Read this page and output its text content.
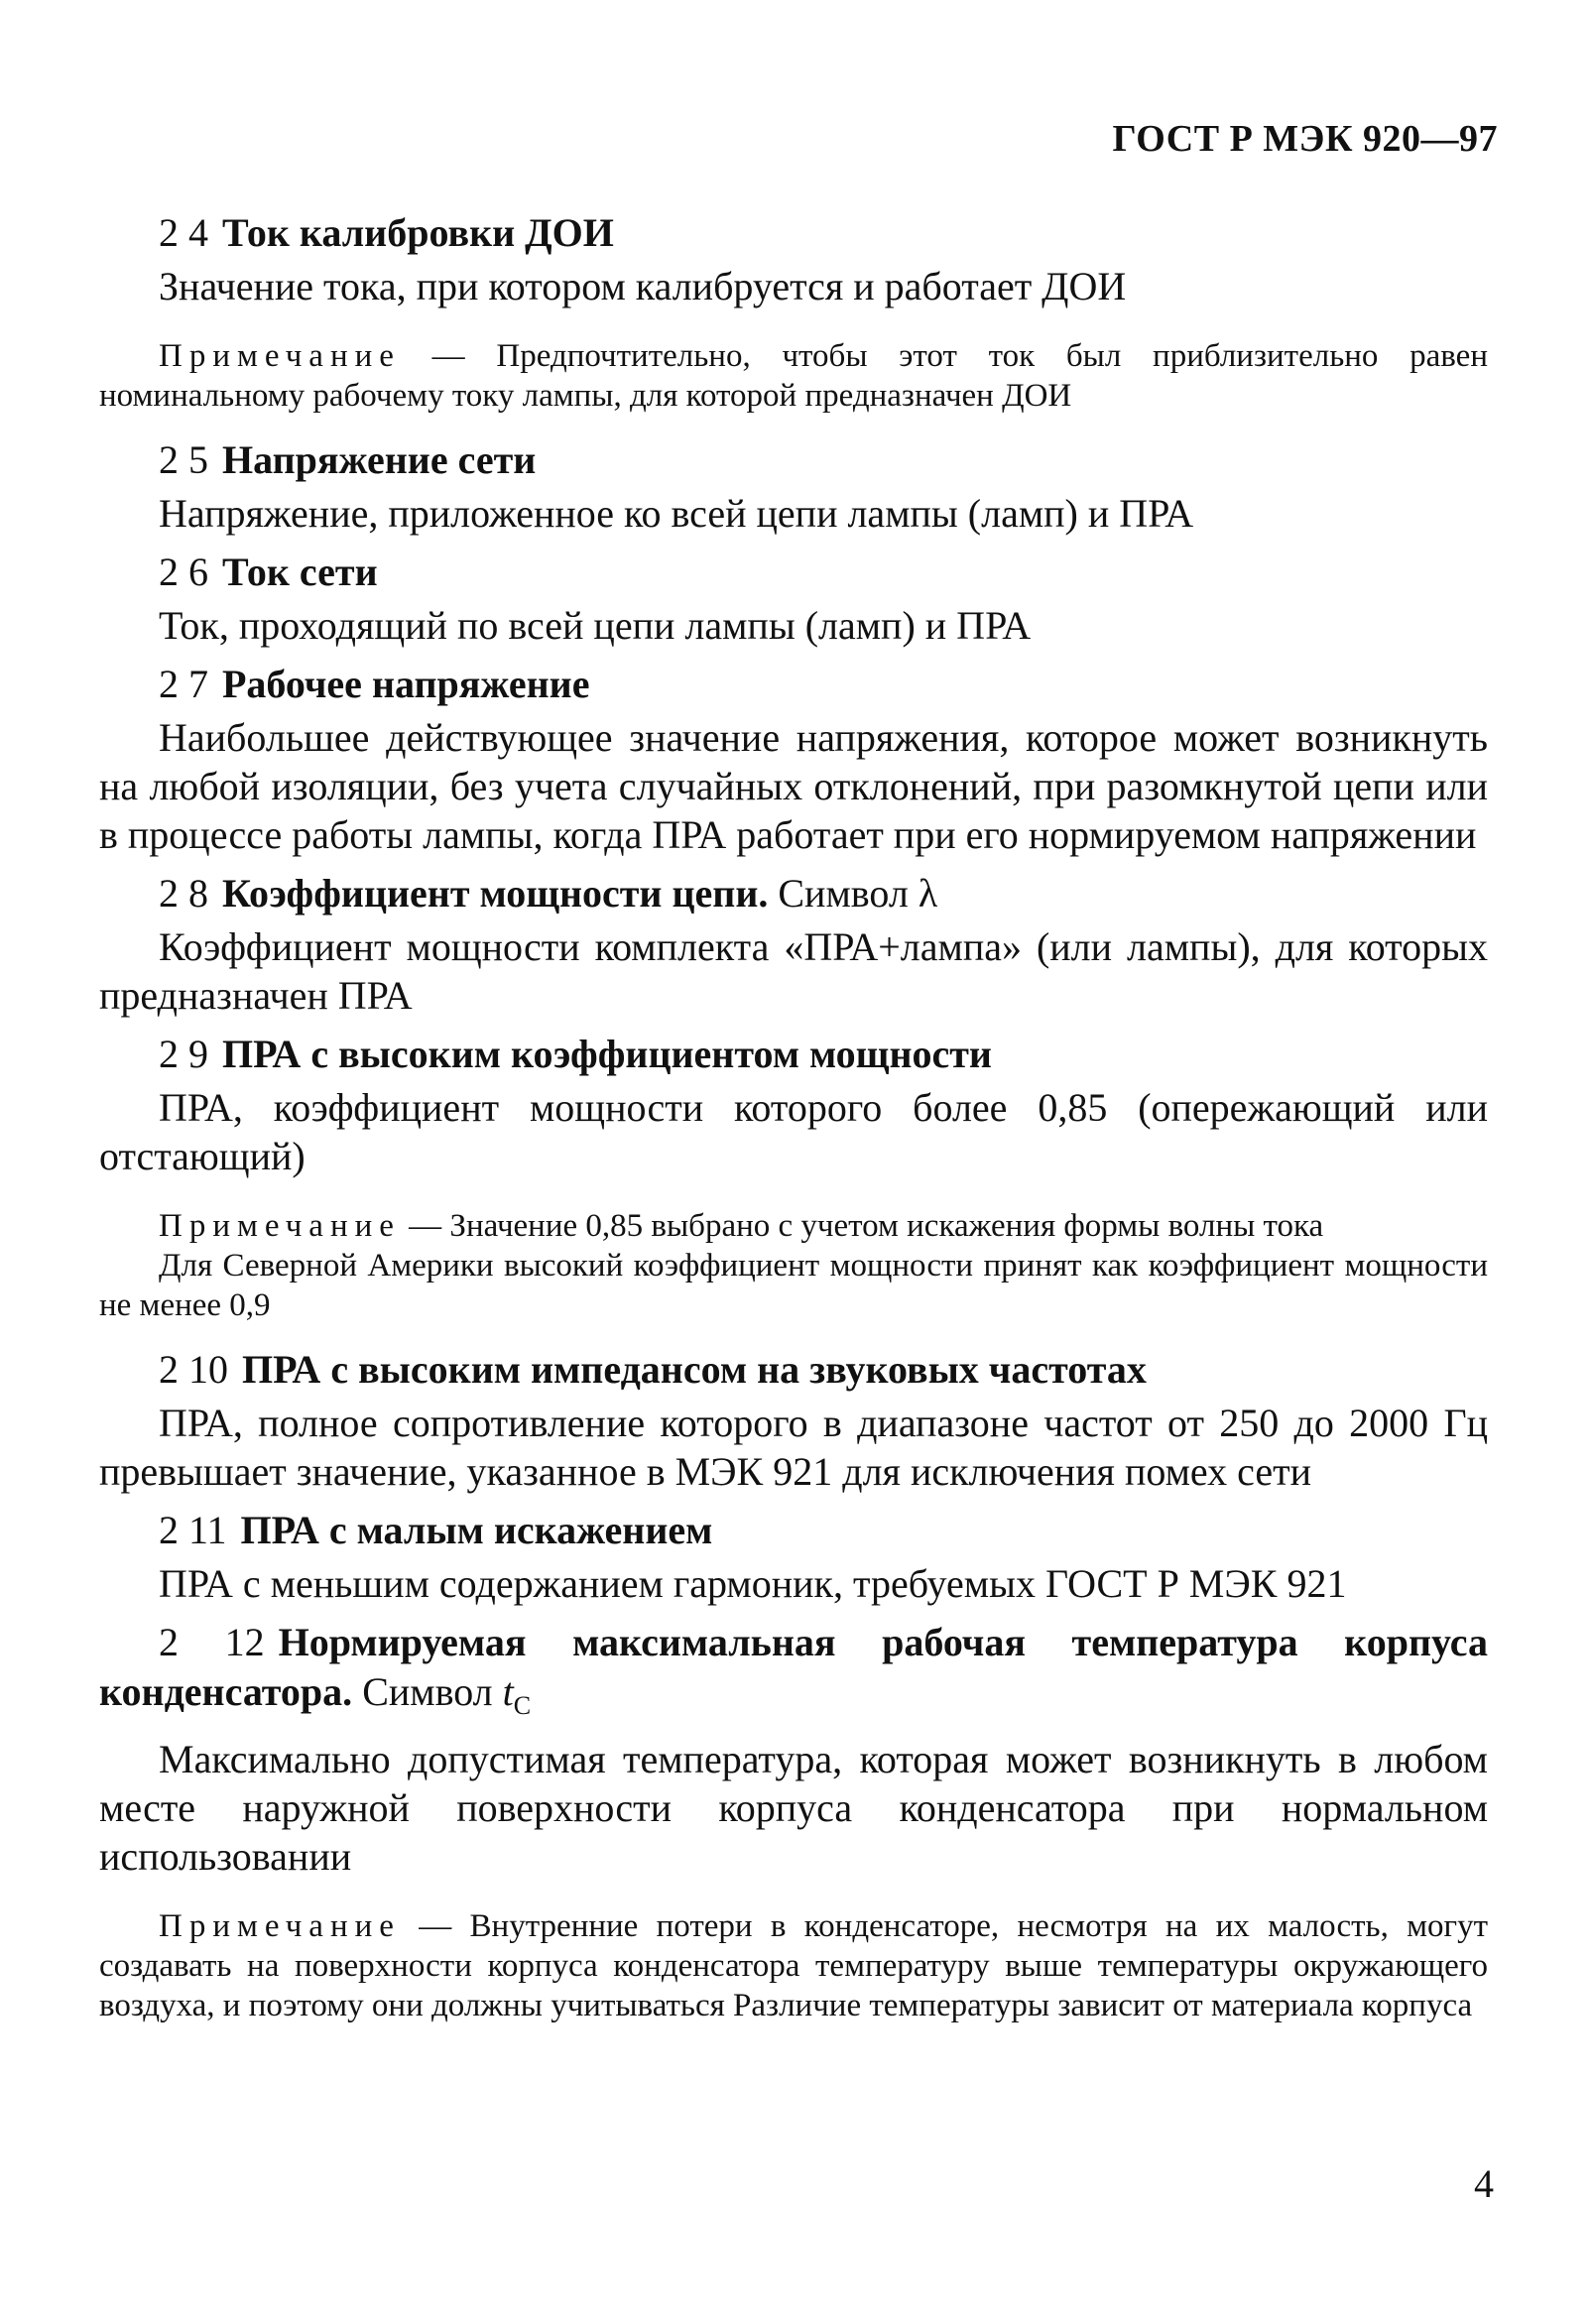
ГОСТ Р МЭК 920—97
2 4 Ток калибровки ДОИ
Значение тока, при котором калибруется и работает ДОИ
Примечание — Предпочтительно, чтобы этот ток был приблизительно равен номинальному рабочему току лампы, для которой предназначен ДОИ
2 5 Напряжение сети
Напряжение, приложенное ко всей цепи лампы (ламп) и ПРА
2 6 Ток сети
Ток, проходящий по всей цепи лампы (ламп) и ПРА
2 7 Рабочее напряжение
Наибольшее действующее значение напряжения, которое может возникнуть на любой изоляции, без учета случайных отклонений, при разомкнутой цепи или в процессе работы лампы, когда ПРА работает при его нормируемом напряжении
2 8 Коэффициент мощности цепи. Символ λ
Коэффициент мощности комплекта «ПРА+лампа» (или лампы), для которых предназначен ПРА
2 9 ПРА с высоким коэффициентом мощности
ПРА, коэффициент мощности которого более 0,85 (опережающий или отстающий)
Примечание — Значение 0,85 выбрано с учетом искажения формы волны тока
Для Северной Америки высокий коэффициент мощности принят как коэффициент мощности не менее 0,9
2 10 ПРА с высоким импедансом на звуковых частотах
ПРА, полное сопротивление которого в диапазоне частот от 250 до 2000 Гц превышает значение, указанное в МЭК 921 для исключения помех сети
2 11 ПРА с малым искажением
ПРА с меньшим содержанием гармоник, требуемых ГОСТ Р МЭК 921
2 12 Нормируемая максимальная рабочая температура корпуса конденсатора. Символ $t_C$
Максимально допустимая температура, которая может возникнуть в любом месте наружной поверхности корпуса конденсатора при нормальном использовании
Примечание — Внутренние потери в конденсаторе, несмотря на их малость, могут создавать на поверхности корпуса конденсатора температуру выше температуры окружающего воздуха, и поэтому они должны учитываться Различие температуры зависит от материала корпуса
4
